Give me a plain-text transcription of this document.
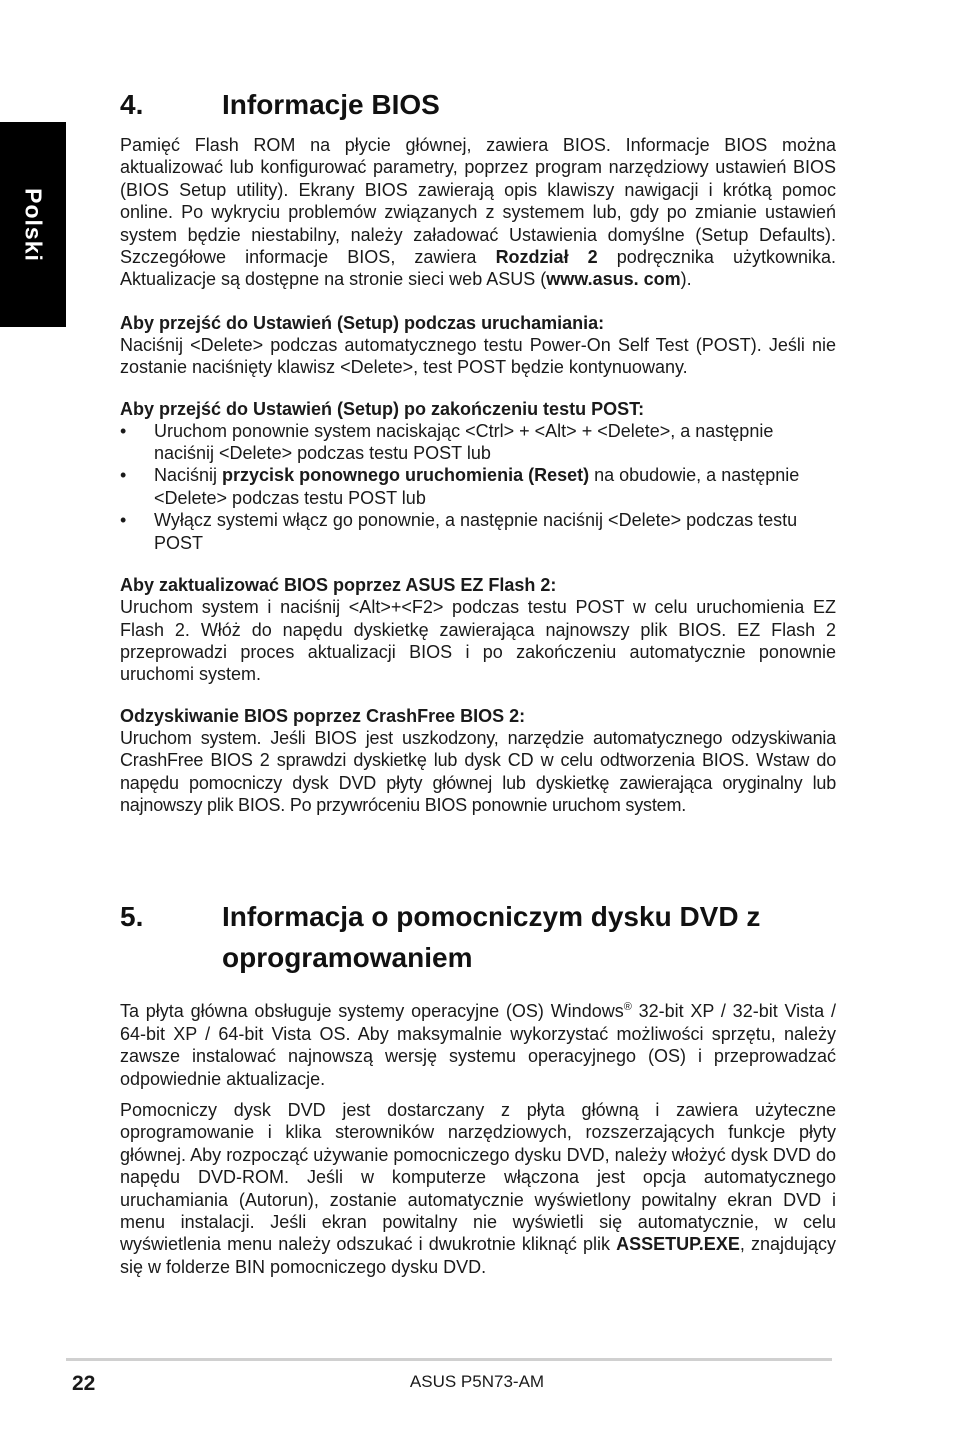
Polski
4.	Informacje BIOS

Pamięć Flash ROM na płycie głównej, zawiera BIOS. Informacje BIOS można aktualizować lub konfigurować parametry, poprzez program narzędziowy ustawień BIOS (BIOS Setup utility). Ekrany BIOS zawierają opis klawiszy nawigacji i krótką pomoc online. Po wykryciu problemów związanych z systemem lub, gdy po zmianie ustawień system będzie niestabilny, należy załadować Ustawienia domyślne (Setup Defaults). Szczegółowe informacje BIOS, zawiera Rozdział 2 podręcznika użytkownika. Aktualizacje są dostępne na stronie sieci web ASUS (www.asus. com).

Aby przejść do Ustawień (Setup) podczas uruchamiania:

Naciśnij <Delete> podczas automatycznego testu Power-On Self Test (POST). Jeśli nie zostanie naciśnięty klawisz <Delete>, test POST będzie kontynuowany.

Aby przejść do Ustawień (Setup) po zakończeniu testu POST:
• Uruchom ponownie system naciskając <Ctrl> + <Alt> + <Delete>, a następnie naciśnij <Delete> podczas testu POST lub
• Naciśnij przycisk ponownego uruchomienia (Reset) na obudowie, a następnie <Delete> podczas testu POST lub
• Wyłącz systemi włącz go ponownie, a następnie naciśnij <Delete> podczas testu POST
Aby zaktualizować BIOS poprzez ASUS EZ Flash 2:

Uruchom system i naciśnij <Alt>+<F2> podczas testu POST w celu uruchomienia EZ Flash 2. Włóż do napędu dyskietkę zawierająca najnowszy plik BIOS. EZ Flash 2 przeprowadzi proces aktualizacji BIOS i po zakończeniu automatycznie ponownie uruchomi system.

Odzyskiwanie BIOS poprzez CrashFree BIOS 2:

Uruchom system. Jeśli BIOS jest uszkodzony, narzędzie automatycznego odzyskiwania CrashFree BIOS 2 sprawdzi dyskietkę lub dysk CD w celu odtworzenia BIOS. Wstaw do napędu pomocniczy dysk DVD płyty głównej lub dyskietkę zawierająca oryginalny lub najnowszy plik BIOS. Po przywróceniu BIOS ponownie uruchom system.

5.	Informacja o pomocniczym dysku DVD z oprogramowaniem

Ta płyta główna obsługuje systemy operacyjne (OS) Windows® 32-bit XP / 32-bit Vista / 64-bit XP / 64-bit Vista OS. Aby maksymalnie wykorzystać możliwości sprzętu, należy zawsze instalować najnowszą wersję systemu operacyjnego (OS) i przeprowadzać odpowiednie aktualizacje.

Pomocniczy dysk DVD jest dostarczany z płyta główną i zawiera użyteczne oprogramowanie i klika sterowników narzędziowych, rozszerzających funkcje płyty głównej. Aby rozpocząć używanie pomocniczego dysku DVD, należy włożyć dysk DVD do napędu DVD-ROM. Jeśli w komputerze włączona jest opcja automatycznego uruchamiania (Autorun), zostanie automatycznie wyświetlony powitalny ekran DVD i menu instalacji. Jeśli ekran powitalny nie wyświetli się automatycznie, w celu wyświetlenia menu należy odszukać i dwukrotnie kliknąć plik ASSETUP.EXE, znajdujący się w folderze BIN pomocniczego dysku DVD.

22	ASUS P5N73-AM
